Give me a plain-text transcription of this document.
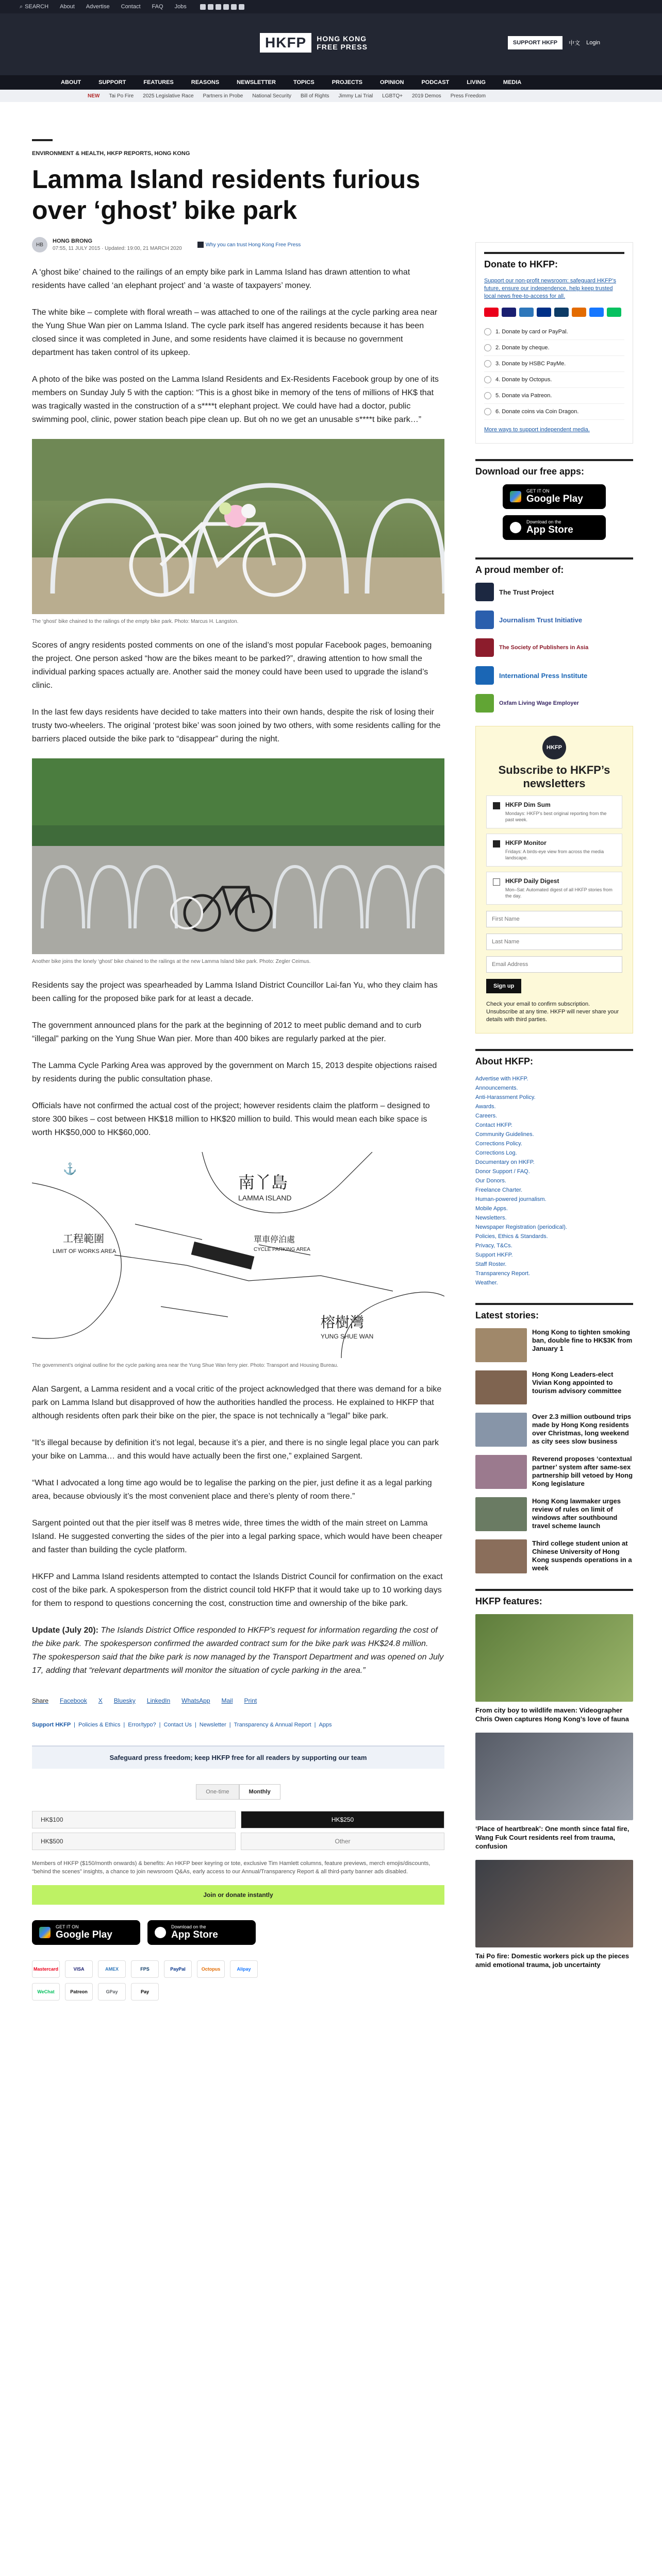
⌕ SEARCH About Advertise Contact FAQ Jobs
HKFP	HONG KONG
FREE PRESS	SUPPORT HKFP	中文 Login
ABOUT	SUPPORT	FEATURES	REASONS	NEWSLETTER	TOPICS	PROJECTS	OPINION	PODCAST	LIVING	MEDIA
NEW Tai Po Fire 2025 Legislative Race Partners in Probe National Security Bill of Rights Jimmy Lai Trial LGBTQ+ 2019 Demos Press Freedom
ENVIRONMENT & HEALTH, HKFP REPORTS, HONG KONG
Lamma Island residents furious over ‘ghost’ bike park
HB
HONG BRONG
07:55, 11 JULY 2015 · Updated: 19:00, 21 MARCH 2020
Why you can trust Hong Kong Free Press

A ‘ghost bike’ chained to the railings of an empty bike park in Lamma Island has drawn attention to what residents have called ‘an elephant project’ and ‘a waste of taxpayers’ money.

The white bike – complete with floral wreath – was attached to one of the railings at the cycle parking area near the Yung Shue Wan pier on Lamma Island. The cycle park itself has angered residents because it has been closed since it was completed in June, and some residents have claimed it is because no government department has taken control of its upkeep.

A photo of the bike was posted on the Lamma Island Residents and Ex-Residents Facebook group by one of its members on Sunday July 5 with the caption: “This is a ghost bike in memory of the tens of millions of HK$ that was tragically wasted in the construction of a s****t elephant project. We could have had a doctor, public swimming pool, clinic, power station beach pipe clean up. But oh no we get an unusable s****t bike park…”

The ‘ghost’ bike chained to the railings of the empty bike park. Photo: Marcus H. Langston.

Scores of angry residents posted comments on one of the island’s most popular Facebook pages, bemoaning the project. One person asked “how are the bikes meant to be parked?”, drawing attention to how small the individual parking spaces actually are. Another said the money could have been used to upgrade the island’s clinic.

In the last few days residents have decided to take matters into their own hands, despite the risk of losing their trusty two-wheelers. The original ‘protest bike’ was soon joined by two others, with some residents calling for the barriers placed outside the bike park to “disappear” during the night.

Another bike joins the lonely ‘ghost’ bike chained to the railings at the new Lamma Island bike park. Photo: Zegler Ceimus.

Residents say the project was spearheaded by Lamma Island District Councillor Lai-fan Yu, who they claim has been calling for the proposed bike park for at least a decade.

The government announced plans for the park at the beginning of 2012 to meet public demand and to curb “illegal” parking on the Yung Shue Wan pier. More than 400 bikes are regularly parked at the pier.

The Lamma Cycle Parking Area was approved by the government on March 15, 2013 despite objections raised by residents during the public consultation phase.

Officials have not confirmed the actual cost of the project; however residents claim the platform – designed to store 300 bikes – cost between HK$18 million to HK$20 million to build. This would mean each bike space is worth HK$50,000 to HK$60,000.

⚓
南丫島
LAMMA ISLAND
工程範圍
LIMIT OF WORKS AREA
單車停泊處
CYCLE PARKING AREA
榕樹灣
YUNG SHUE WAN
The government’s original outline for the cycle parking area near the Yung Shue Wan ferry pier. Photo: Transport and Housing Bureau.

Alan Sargent, a Lamma resident and a vocal critic of the project acknowledged that there was demand for a bike park on Lamma Island but disapproved of how the authorities handled the process. He explained to HKFP that although residents often park their bike on the pier, the space is not technically a “legal” bike park.

“It’s illegal because by definition it’s not legal, because it’s a pier, and there is no single legal place you can park your bike on Lamma… and this would have actually been the first one,” explained Sargent.

“What I advocated a long time ago would be to legalise the parking on the pier, just define it as a legal parking area, because obviously it’s the most convenient place and there’s plenty of room there.”

Sargent pointed out that the pier itself was 8 metres wide, three times the width of the main street on Lamma Island. He suggested converting the sides of the pier into a legal parking space, which would have been cheaper and faster than building the cycle platform.

HKFP and Lamma Island residents attempted to contact the Islands District Council for confirmation on the exact cost of the bike park. A spokesperson from the district council told HKFP that it would take up to 10 working days for them to respond to questions concerning the cost, construction time and ownership of the bike park.

Update (July 20): The Islands District Office responded to HKFP’s request for information regarding the cost of the bike park. The spokesperson confirmed the awarded contract sum for the bike park was HK$24.8 million. The spokesperson said that the bike park is now managed by the Transport Department and was opened on July 17, adding that “relevant departments will monitor the situation of cycle parking in the area.”

Share Facebook X Bluesky LinkedIn WhatsApp Mail Print
Support HKFP | Policies & Ethics | Error/typo? | Contact Us | Newsletter | Transparency & Annual Report | Apps
Safeguard press freedom; keep HKFP free for all readers by supporting our team
One-time	Monthly
HK$100	HK$250
HK$500	Other
Members of HKFP ($150/month onwards) & benefits: An HKFP beer keyring or tote, exclusive Tim Hamlett columns, feature previews, merch emojis/discounts, “behind the scenes” insights, a chance to join newsroom Q&As, early access to our Annual/Transparency Report & all third-party banner ads disabled.
Join or donate instantly
GET IT ON
Google Play
Download on the
App Store
Mastercard	VISA	AMEX	FPS	PayPal	Octopus	Alipay
WeChat	Patreon	GPay	Pay
Donate to HKFP:
Support our non-profit newsroom: safeguard HKFP’s future, ensure our independence, help keep trusted local news free-to-access for all.
1. Donate by card or PayPal.
2. Donate by cheque.
3. Donate by HSBC PayMe.
4. Donate by Octopus.
5. Donate via Patreon.
6. Donate coins via Coin Dragon.
More ways to support independent media.
Download our free apps:
GET IT ON
Google Play
Download on the
App Store
A proud member of:
The Trust Project
Journalism Trust Initiative
The Society of Publishers in Asia
International Press Institute
Oxfam Living Wage Employer
HKFP
Subscribe to HKFP’s newsletters
HKFP Dim Sum
Mondays: HKFP’s best original reporting from the past week.
HKFP Monitor
Fridays: A birds-eye view from across the media landscape.
HKFP Daily Digest
Mon–Sat: Automated digest of all HKFP stories from the day.
First Name Last Name Email Address Sign up
Check your email to confirm subscription. Unsubscribe at any time. HKFP will never share your details with third parties.
About HKFP:
Advertise with HKFP.
Announcements.
Anti-Harassment Policy.
Awards.
Careers.
Contact HKFP.
Community Guidelines.
Corrections Policy.
Corrections Log.
Documentary on HKFP.
Donor Support / FAQ.
Our Donors.
Freelance Charter.
Human-powered journalism.
Mobile Apps.
Newsletters.
Newspaper Registration (periodical).
Policies, Ethics & Standards.
Privacy, T&Cs.
Support HKFP.
Staff Roster.
Transparency Report.
Weather.
Latest stories:
Hong Kong to tighten smoking ban, double fine to HK$3K from January 1
Hong Kong Leaders-elect Vivian Kong appointed to tourism advisory committee
Over 2.3 million outbound trips made by Hong Kong residents over Christmas, long weekend as city sees slow business
Reverend proposes ‘contextual partner’ system after same-sex partnership bill vetoed by Hong Kong legislature
Hong Kong lawmaker urges review of rules on limit of windows after southbound travel scheme launch
Third college student union at Chinese University of Hong Kong suspends operations in a week
HKFP features:
From city boy to wildlife maven: Videographer Chris Owen captures Hong Kong’s love of fauna
‘Place of heartbreak’: One month since fatal fire, Wang Fuk Court residents reel from trauma, confusion
Tai Po fire: Domestic workers pick up the pieces amid emotional trauma, job uncertainty
